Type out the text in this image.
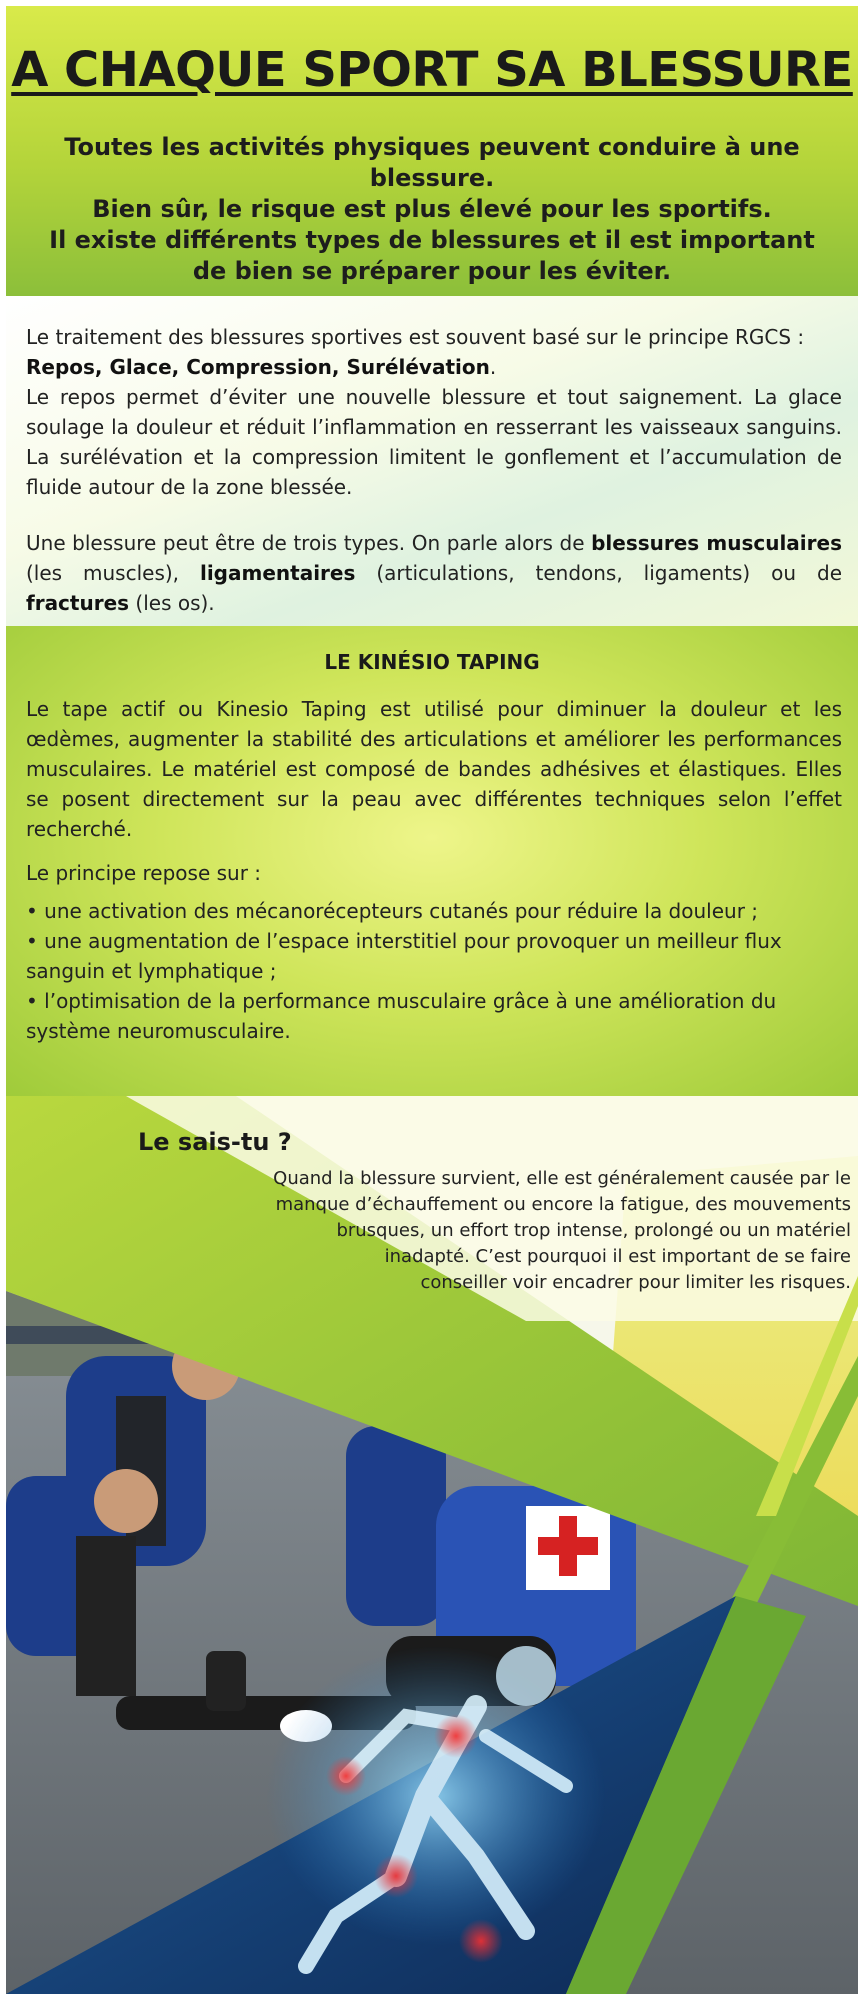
A CHAQUE SPORT SA BLESSURE
Toutes les activités physiques peuvent conduire à une blessure.
Bien sûr, le risque est plus élevé pour les sportifs.
Il existe différents types de blessures et il est important
de bien se préparer pour les éviter.

Le traitement des blessures sportives est souvent basé sur le principe RGCS :
Repos, Glace, Compression, Surélévation.

Le repos permet d’éviter une nouvelle blessure et tout saignement. La glace soulage la douleur et réduit l’inflammation en resserrant les vaisseaux sanguins. La surélévation et la compression limitent le gonflement et l’accumulation de fluide autour de la zone blessée.

Une blessure peut être de trois types. On parle alors de blessures musculaires (les muscles), ligamentaires (articulations, tendons, ligaments) ou de fractures (les os).

LE KINÉSIO TAPING

Le tape actif ou Kinesio Taping est utilisé pour diminuer la douleur et les œdèmes, augmenter la stabilité des articulations et améliorer les performances musculaires. Le matériel est composé de bandes adhésives et élastiques. Elles se posent directement sur la peau avec différentes techniques selon l’effet recherché.

Le principe repose sur :

• une activation des mécanorécepteurs cutanés pour réduire la douleur ;

• une augmentation de l’espace interstitiel pour provoquer un meilleur flux sanguin et lymphatique ;

• l’optimisation de la performance musculaire grâce à une amélioration du système neuromusculaire.

Le sais-tu ?
Quand la blessure survient, elle est généralement causée par le
manque d’échauffement ou encore la fatigue, des mouvements
brusques, un effort trop intense, prolongé ou un matériel
inadapté. C’est pourquoi il est important de se faire
conseiller voir encadrer pour limiter les risques.
